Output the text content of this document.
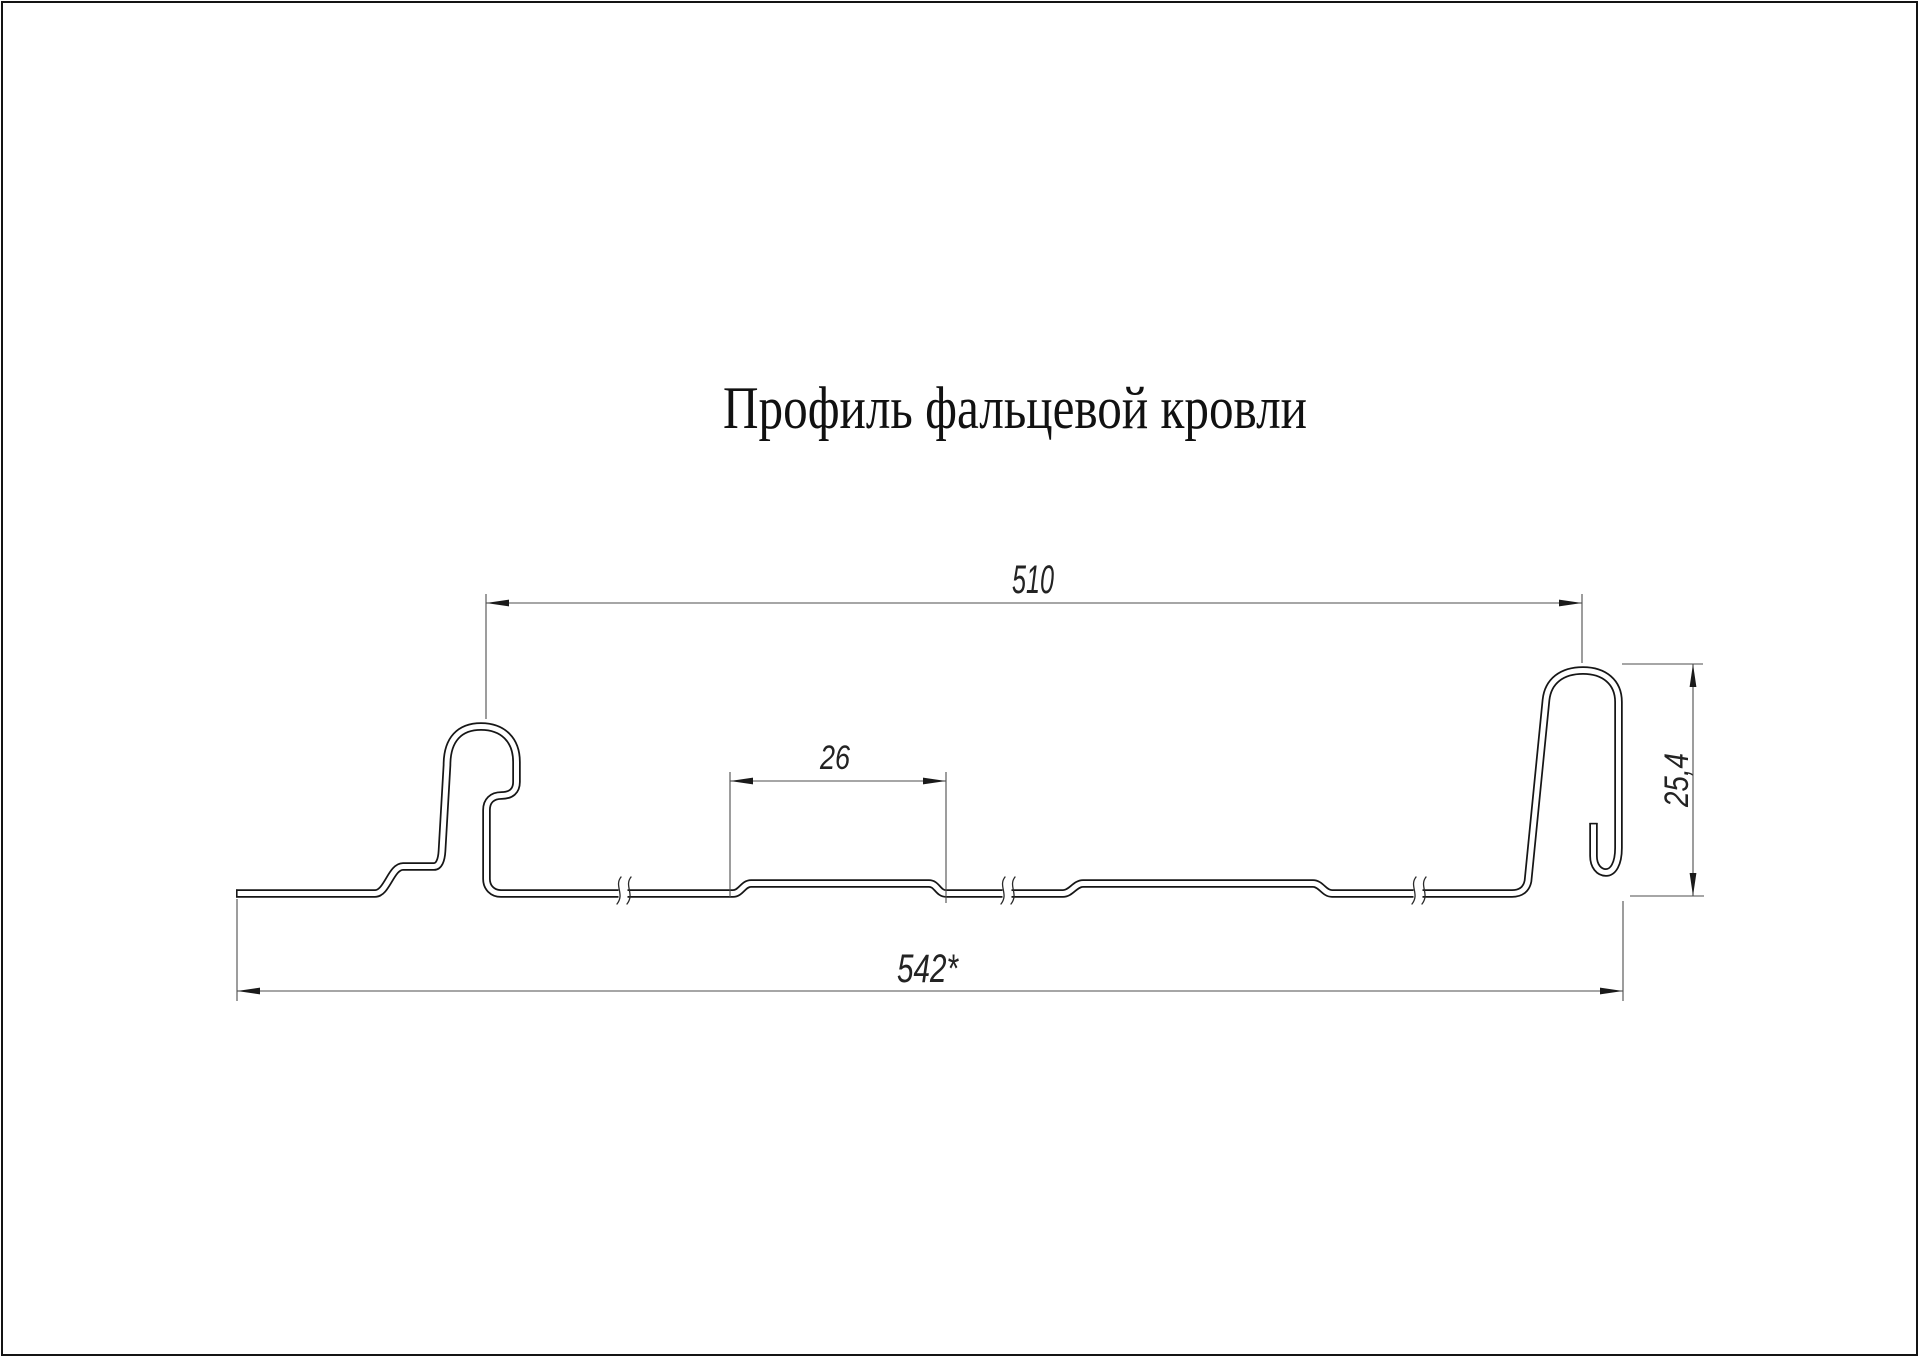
Профиль фальцевой кровли
510
26
542*
25,4
